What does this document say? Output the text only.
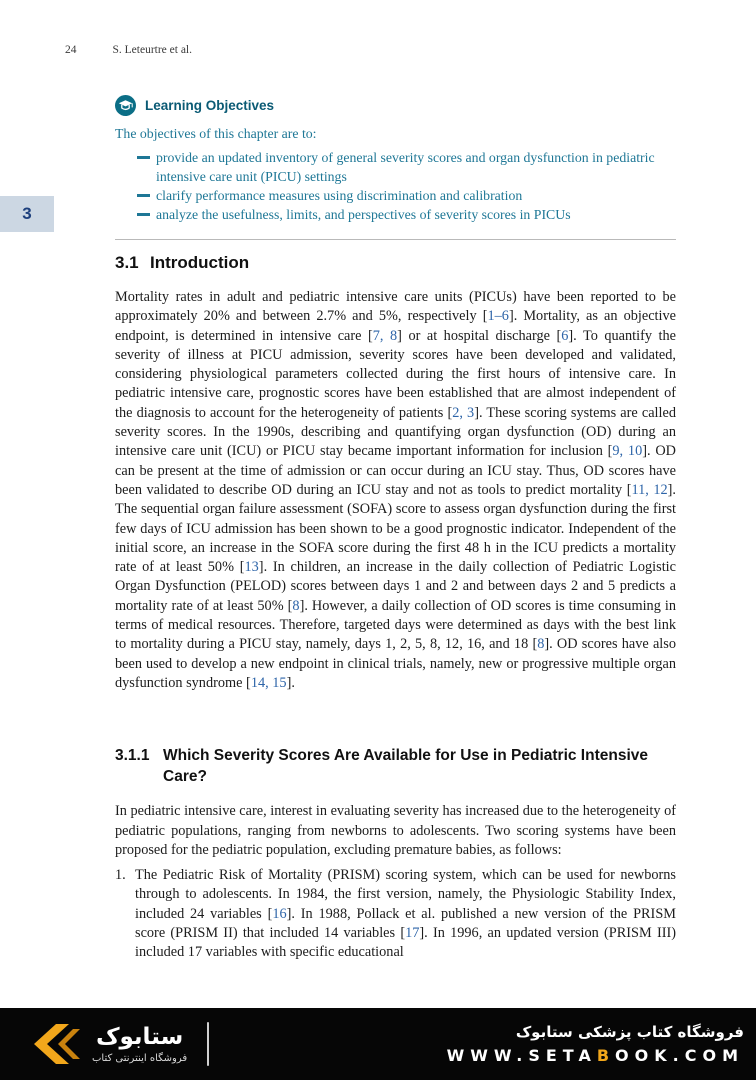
24	S. Leteurtre et al.
3
Learning Objectives

The objectives of this chapter are to:

provide an updated inventory of general severity scores and organ dysfunction in pediatric intensive care unit (PICU) settings
clarify performance measures using discrimination and calibration
analyze the usefulness, limits, and perspectives of severity scores in PICUs
3.1 Introduction

Mortality rates in adult and pediatric intensive care units (PICUs) have been reported to be approximately 20% and between 2.7% and 5%, respectively [1–6]. Mortality, as an objective endpoint, is determined in intensive care [7, 8] or at hospital discharge [6]. To quantify the severity of illness at PICU admission, severity scores have been developed and validated, considering physiological parameters collected during the first hours of intensive care. In pediatric intensive care, prognostic scores have been established that are almost independent of the diagnosis to account for the heterogeneity of patients [2, 3]. These scoring systems are called severity scores. In the 1990s, describing and quantifying organ dysfunction (OD) during an intensive care unit (ICU) or PICU stay became important information for inclusion [9, 10]. OD can be present at the time of admission or can occur during an ICU stay. Thus, OD scores have been validated to describe OD during an ICU stay and not as tools to predict mortality [11, 12]. The sequential organ failure assessment (SOFA) score to assess organ dysfunction during the first few days of ICU admission has been shown to be a good prognostic indicator. Independent of the initial score, an increase in the SOFA score during the first 48 h in the ICU predicts a mortality rate of at least 50% [13]. In children, an increase in the daily collection of Pediatric Logistic Organ Dysfunction (PELOD) scores between days 1 and 2 and between days 2 and 5 predicts a mortality rate of at least 50% [8]. However, a daily collection of OD scores is time consuming in terms of medical resources. Therefore, targeted days were determined as days with the best link to mortality during a PICU stay, namely, days 1, 2, 5, 8, 12, 16, and 18 [8]. OD scores have also been used to develop a new endpoint in clinical trials, namely, new or progressive multiple organ dysfunction syndrome [14, 15].

3.1.1 Which Severity Scores Are Available for Use in Pediatric Intensive Care?

In pediatric intensive care, interest in evaluating severity has increased due to the heterogeneity of pediatric populations, ranging from newborns to adolescents. Two scoring systems have been proposed for the pediatric population, excluding premature babies, as follows:

1. The Pediatric Risk of Mortality (PRISM) scoring system, which can be used for newborns through to adolescents. In 1984, the first version, namely, the Physiologic Stability Index, included 24 variables [16]. In 1988, Pollack et al. published a new version of the PRISM score (PRISM II) that included 14 variables [17]. In 1996, an updated version (PRISM III) included 17 variables with specific educational
ستابوک
فروشگاه اینترنتی کتاب
فروشگاه کتاب پزشکی ستابوک
WWW.SETABOOK.COM
